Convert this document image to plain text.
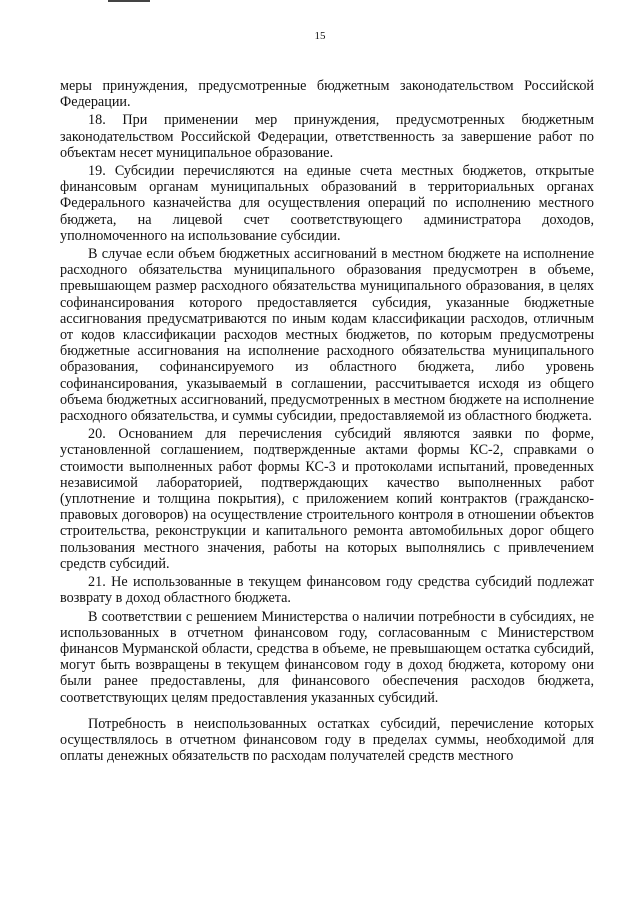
15

меры принуждения, предусмотренные бюджетным законодательством Российской Федерации.

18. При применении мер принуждения, предусмотренных бюджетным законодательством Российской Федерации, ответственность за завершение работ по объектам несет муниципальное образование.

19. Субсидии перечисляются на единые счета местных бюджетов, открытые финансовым органам муниципальных образований в территориальных органах Федерального казначейства для осуществления операций по исполнению местного бюджета, на лицевой счет соответствующего администратора доходов, уполномоченного на использование субсидии.

В случае если объем бюджетных ассигнований в местном бюджете на исполнение расходного обязательства муниципального образования предусмотрен в объеме, превышающем размер расходного обязательства муниципального образования, в целях софинансирования которого предоставляется субсидия, указанные бюджетные ассигнования предусматриваются по иным кодам классификации расходов, отличным от кодов классификации расходов местных бюджетов, по которым предусмотрены бюджетные ассигнования на исполнение расходного обязательства муниципального образования, софинансируемого из областного бюджета, либо уровень софинансирования, указываемый в соглашении, рассчитывается исходя из общего объема бюджетных ассигнований, предусмотренных в местном бюджете на исполнение расходного обязательства, и суммы субсидии, предоставляемой из областного бюджета.

20. Основанием для перечисления субсидий являются заявки по форме, установленной соглашением, подтвержденные актами формы КС-2, справками о стоимости выполненных работ формы КС-3 и протоколами испытаний, проведенных независимой лабораторией, подтверждающих качество выполненных работ (уплотнение и толщина покрытия), с приложением копий контрактов (гражданско-правовых договоров) на осуществление строительного контроля в отношении объектов строительства, реконструкции и капитального ремонта автомобильных дорог общего пользования местного значения, работы на которых выполнялись с привлечением средств субсидий.

21. Не использованные в текущем финансовом году средства субсидий подлежат возврату в доход областного бюджета.

В соответствии с решением Министерства о наличии потребности в субсидиях, не использованных в отчетном финансовом году, согласованным с Министерством финансов Мурманской области, средства в объеме, не превышающем остатка субсидий, могут быть возвращены в текущем финансовом году в доход бюджета, которому они были ранее предоставлены, для финансового обеспечения расходов бюджета, соответствующих целям предоставления указанных субсидий.

Потребность в неиспользованных остатках субсидий, перечисление которых осуществлялось в отчетном финансовом году в пределах суммы, необходимой для оплаты денежных обязательств по расходам получателей средств местного
